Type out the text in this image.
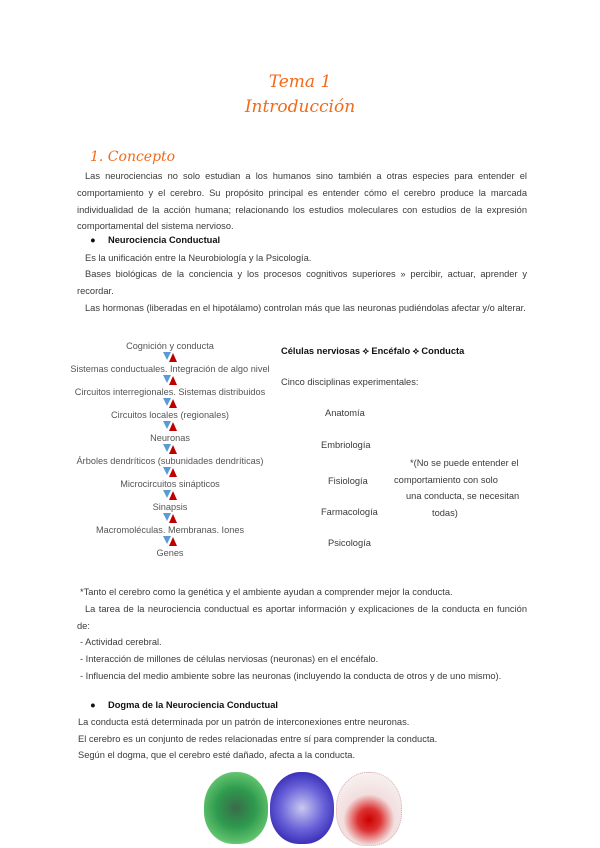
Tema 1
Introducción
1. Concepto
Las neurociencias no solo estudian a los humanos sino también a otras especies para entender el comportamiento y el cerebro. Su propósito principal es entender cómo el cerebro produce la marcada individualidad de la acción humana; relacionando los estudios moleculares con estudios de la expresión comportamental del sistema nervioso.
● Neurociencia Conductual
Es la unificación entre la Neurobiología y la Psicología.
Bases biológicas de la conciencia y los procesos cognitivos superiores » percibir, actuar, aprender y recordar.
Las hormonas (liberadas en el hipotálamo) controlan más que las neuronas pudiéndolas afectar y/o alterar.
Cognición y conducta
Sistemas conductuales. Integración de algo nivel
Circuitos interregionales. Sistemas distribuidos
Circuitos locales (regionales)
Neuronas
Árboles dendríticos (subunidades dendríticas)
Microcircuitos sinápticos
Sinapsis
Macromoléculas. Membranas. Iones
Genes
Células nerviosas ⟡ Encéfalo ⟡ Conducta
Cinco disciplinas experimentales:
Anatomía
Embriología
Fisiología
Farmacología
Psicología
*(No se puede entender el
comportamiento con solo
una conducta, se necesitan
todas)
*Tanto el cerebro como la genética y el ambiente ayudan a comprender mejor la conducta.
La tarea de la neurociencia conductual es aportar información y explicaciones de la conducta en función de:
- Actividad cerebral.
- Interacción de millones de células nerviosas (neuronas) en el encéfalo.
- Influencia del medio ambiente sobre las neuronas (incluyendo la conducta de otros y de uno mismo).
● Dogma de la Neurociencia Conductual
La conducta está determinada por un patrón de interconexiones entre neuronas.
El cerebro es un conjunto de redes relacionadas entre sí para comprender la conducta.
Según el dogma, que el cerebro esté dañado, afecta a la conducta.
